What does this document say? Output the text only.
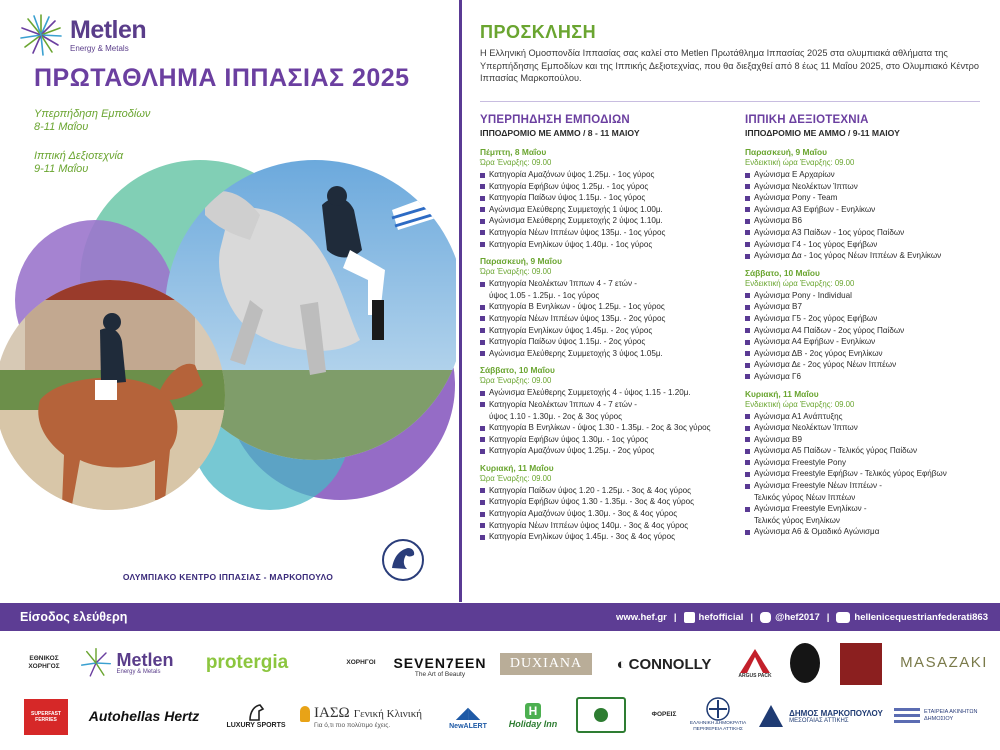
Metlen
Energy & Metals
ΠΡΩΤΑΘΛΗΜΑ ΙΠΠΑΣΙΑΣ 2025
Υπερπήδηση Εμποδίων
8-11 Μαΐου
Ιππική Δεξιοτεχνία
9-11 Μαΐου
ΟΛΥΜΠΙΑΚΟ ΚΕΝΤΡΟ ΙΠΠΑΣΙΑΣ - ΜΑΡΚΟΠΟΥΛΟ
ΠΡΟΣΚΛΗΣΗ
Η Ελληνική Ομοσπονδία Ιππασίας σας καλεί στο Metlen Πρωτάθλημα Ιππασίας 2025 στα ολυμπιακά αθλήματα της Υπερπήδησης Εμποδίων και της Ιππικής Δεξιοτεχνίας, που θα διεξαχθεί από 8 έως 11 Μαΐου 2025, στο Ολυμπιακό Κέντρο Ιππασίας Μαρκοπούλου.
ΥΠΕΡΠΗΔΗΣΗ ΕΜΠΟΔΙΩΝ
ΙΠΠΟΔΡΟΜΙΟ ΜΕ ΑΜΜΟ / 8 - 11 ΜΑΙΟΥ
Πέμπτη, 8 Μαΐου
Ώρα Έναρξης: 09.00
Κατηγορία Αμαζόνων ύψος 1.25μ. - 1ος γύρος
Κατηγορία Εφήβων ύψος 1.25μ. - 1ος γύρος
Κατηγορία Παίδων ύψος 1.15μ. - 1ος γύρος
Αγώνισμα Ελεύθερης Συμμετοχής 1 ύψος 1.00μ.
Αγώνισμα Ελεύθερης Συμμετοχής 2 ύψος 1.10μ.
Κατηγορία Νέων Ιππέων ύψος 135μ. - 1ος γύρος
Κατηγορία Ενηλίκων ύψος 1.40μ. - 1ος γύρος
Παρασκευή, 9 Μαΐου
Ώρα Έναρξης: 09.00
Κατηγορία Νεολέκτων Ίππων 4 - 7 ετών -
ύψος 1.05 - 1.25μ. - 1ος γύρος
Κατηγορία Β Ενηλίκων - ύψος 1.25μ. - 1ος γύρος
Κατηγορία Νέων Ιππέων ύψος 135μ. - 2ος γύρος
Κατηγορία Ενηλίκων ύψος 1.45μ. - 2ος γύρος
Κατηγορία Παίδων ύψος 1.15μ. - 2ος γύρος
Αγώνισμα Ελεύθερης Συμμετοχής 3 ύψος 1.05μ.
Σάββατο, 10 Μαΐου
Ώρα Έναρξης: 09.00
Αγώνισμα Ελεύθερης Συμμετοχής 4 - ύψος 1.15 - 1.20μ.
Κατηγορία Νεολέκτων Ίππων 4 - 7 ετών -
ύψος 1.10 - 1.30μ. - 2ος & 3ος γύρος
Κατηγορία Β Ενηλίκων - ύψος 1.30 - 1.35μ. - 2ος & 3ος γύρος
Κατηγορία Εφήβων ύψος 1.30μ. - 1ος γύρος
Κατηγορία Αμαζόνων ύψος 1.25μ. - 2ος γύρος
Κυριακή, 11 Μαΐου
Ώρα Έναρξης: 09.00
Κατηγορία Παίδων ύψος 1.20 - 1.25μ. - 3ος & 4ος γύρος
Κατηγορία Εφήβων ύψος 1.30 - 1.35μ. - 3ος & 4ος γύρος
Κατηγορία Αμαζόνων ύψος 1.30μ. - 3ος & 4ος γύρος
Κατηγορία Νέων Ιππέων ύψος 140μ. - 3ος & 4ος γύρος
Κατηγορία Ενηλίκων ύψος 1.45μ. - 3ος & 4ος γύρος
ΙΠΠΙΚΗ ΔΕΞΙΟΤΕΧΝΙΑ
ΙΠΠΟΔΡΟΜΙΟ ΜΕ ΑΜΜΟ / 9-11 ΜΑΙΟΥ
Παρασκευή, 9 Μαΐου
Ενδεικτική ώρα Έναρξης: 09.00
Αγώνισμα Ε Αρχαρίων
Αγώνισμα Νεολέκτων Ίππων
Αγώνισμα Pony - Team
Αγώνισμα Α3 Εφήβων - Ενηλίκων
Αγώνισμα Β6
Αγώνισμα Α3 Παίδων - 1ος γύρος Παίδων
Αγώνισμα Γ4 - 1ος γύρος Εφήβων
Αγώνισμα Δα - 1ος γύρος Νέων Ιππέων & Ενηλίκων
Σάββατο, 10 Μαΐου
Ενδεικτική ώρα Έναρξης: 09.00
Αγώνισμα Pony - Individual
Αγώνισμα Β7
Αγώνισμα Γ5 - 2ος γύρος Εφήβων
Αγώνισμα Α4 Παίδων - 2ος γύρος Παίδων
Αγώνισμα Α4 Εφήβων - Ενηλίκων
Αγώνισμα ΔΒ - 2ος γύρος Ενηλίκων
Αγώνισμα Δε - 2ος γύρος Νέων Ιππέων
Αγώνισμα Γ6
Κυριακή, 11 Μαΐου
Ενδεικτική ώρα Έναρξης: 09.00
Αγώνισμα Α1 Ανάπτυξης
Αγώνισμα Νεολέκτων Ίππων
Αγώνισμα Β9
Αγώνισμα Α5 Παίδων - Τελικός γύρος Παίδων
Αγώνισμα Freestyle Pony
Αγώνισμα Freestyle Εφήβων - Τελικός γύρος Εφήβων
Αγώνισμα Freestyle Νέων Ιππέων -
Τελικός γύρος Νέων Ιππέων
Αγώνισμα Freestyle Ενηλίκων -
Τελικός γύρος Ενηλίκων
Αγώνισμα Α6 & Ομαδικό Αγώνισμα
Είσοδος ελεύθερη	www.hef.gr | hefofficial | @hef2017 |	hellenicequestrianfederati863
ΕΘΝΙΚΟΣ ΧΟΡΗΓΟΣ	Metlen
Energy & Metals	protergia	ΧΟΡΗΓΟΙ	SEVEN7EEN
The Art of Beauty
DUXIANA	◐ CONNOLLY
ARGUS PACK
MASAZAKI
SUPERFAST FERRIES	Autohellas Hertz
LUXURY SPORTS
ΙΑΣΩ Γενική Κλινική
Για ό,τι πιο πολύτιμο έχεις.
◢◣
NewALERT
H
Holiday Inn
ΦΟΡΕΙΣ
ΕΛΛΗΝΙΚΗ ΔΗΜΟΚΡΑΤΙΑ ΠΕΡΙΦΕΡΕΙΑ ΑΤΤΙΚΗΣ
ΔΗΜΟΣ ΜΑΡΚΟΠΟΥΛΟΥ
ΜΕΣΟΓΑΙΑΣ ΑΤΤΙΚΗΣ
ΕΤΑΙΡΕΙΑ ΑΚΙΝΗΤΩΝ ΔΗΜΟΣΙΟΥ
